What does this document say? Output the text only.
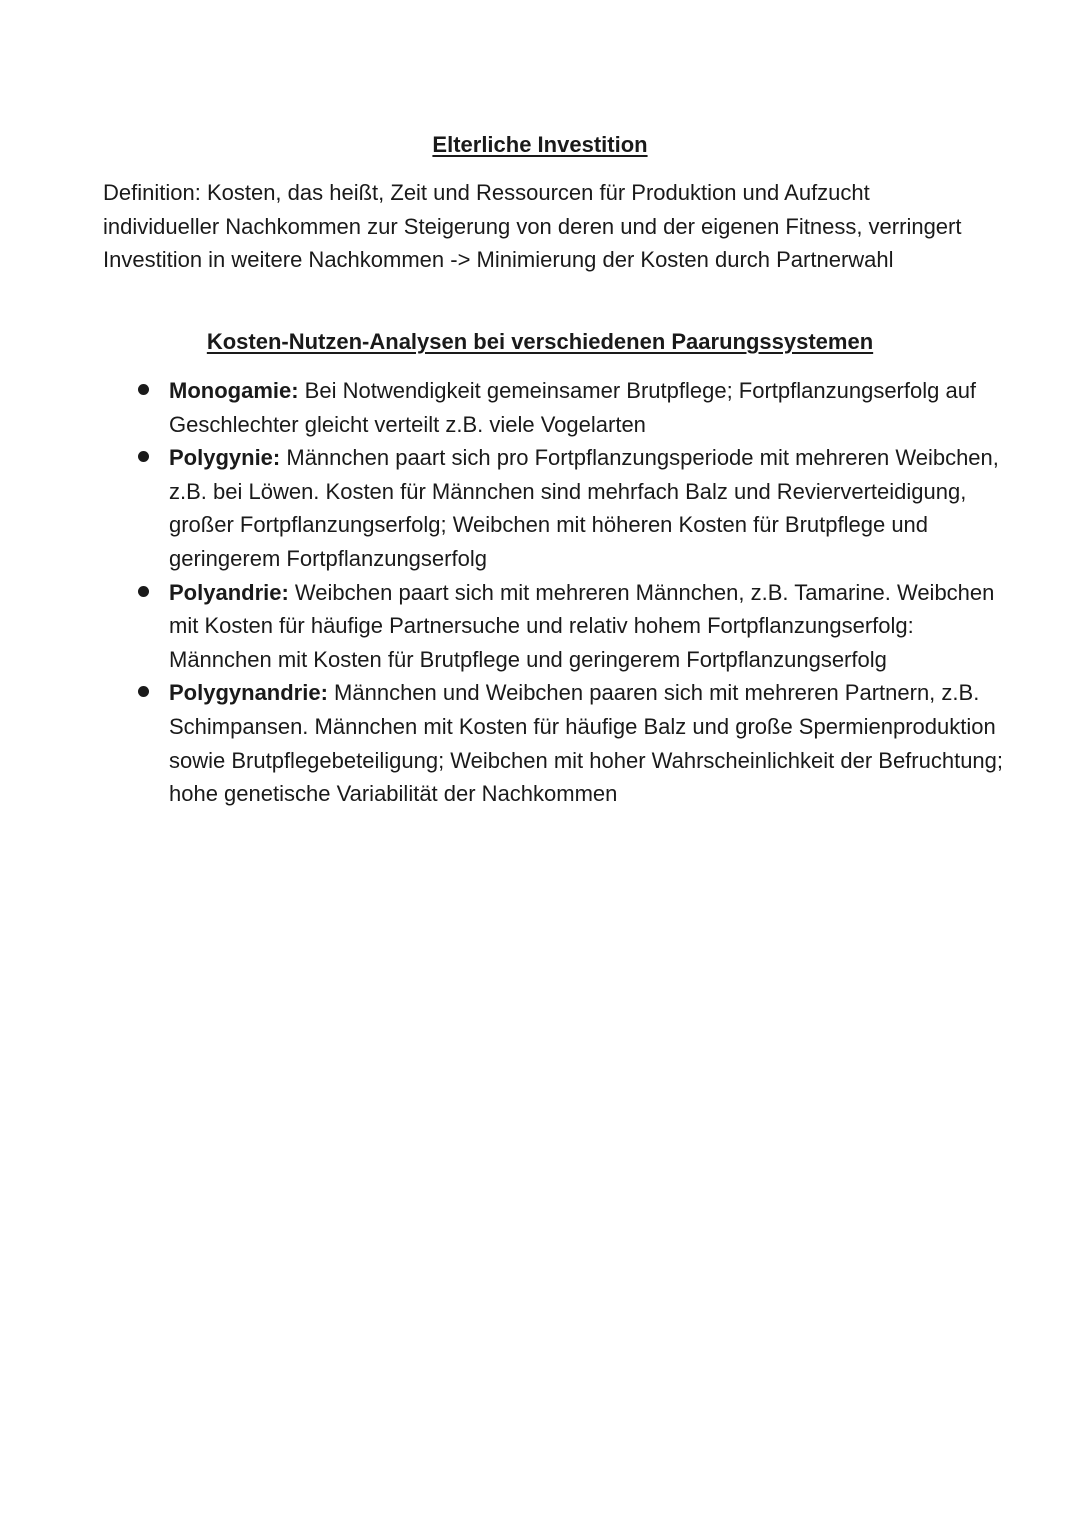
Elterliche Investition

Definition: Kosten, das heißt, Zeit und Ressourcen für Produktion und Aufzucht individueller Nachkommen zur Steigerung von deren und der eigenen Fitness, verringert Investition in weitere Nachkommen -> Minimierung der Kosten durch Partnerwahl

Kosten-Nutzen-Analysen bei verschiedenen Paarungssystemen
Monogamie: Bei Notwendigkeit gemeinsamer Brutpflege; Fortpflanzungserfolg auf Geschlechter gleicht verteilt z.B. viele Vogelarten
Polygynie: Männchen paart sich pro Fortpflanzungsperiode mit mehreren Weibchen, z.B. bei Löwen. Kosten für Männchen sind mehrfach Balz und Revierverteidigung, großer Fortpflanzungserfolg; Weibchen mit höheren Kosten für Brutpflege und geringerem Fortpflanzungserfolg
Polyandrie: Weibchen paart sich mit mehreren Männchen, z.B. Tamarine. Weibchen mit Kosten für häufige Partnersuche und relativ hohem Fortpflanzungserfolg: Männchen mit Kosten für Brutpflege und geringerem Fortpflanzungserfolg
Polygynandrie: Männchen und Weibchen paaren sich mit mehreren Partnern, z.B. Schimpansen. Männchen mit Kosten für häufige Balz und große Spermienproduktion sowie Brutpflegebeteiligung; Weibchen mit hoher Wahrscheinlichkeit der Befruchtung; hohe genetische Variabilität der Nachkommen
